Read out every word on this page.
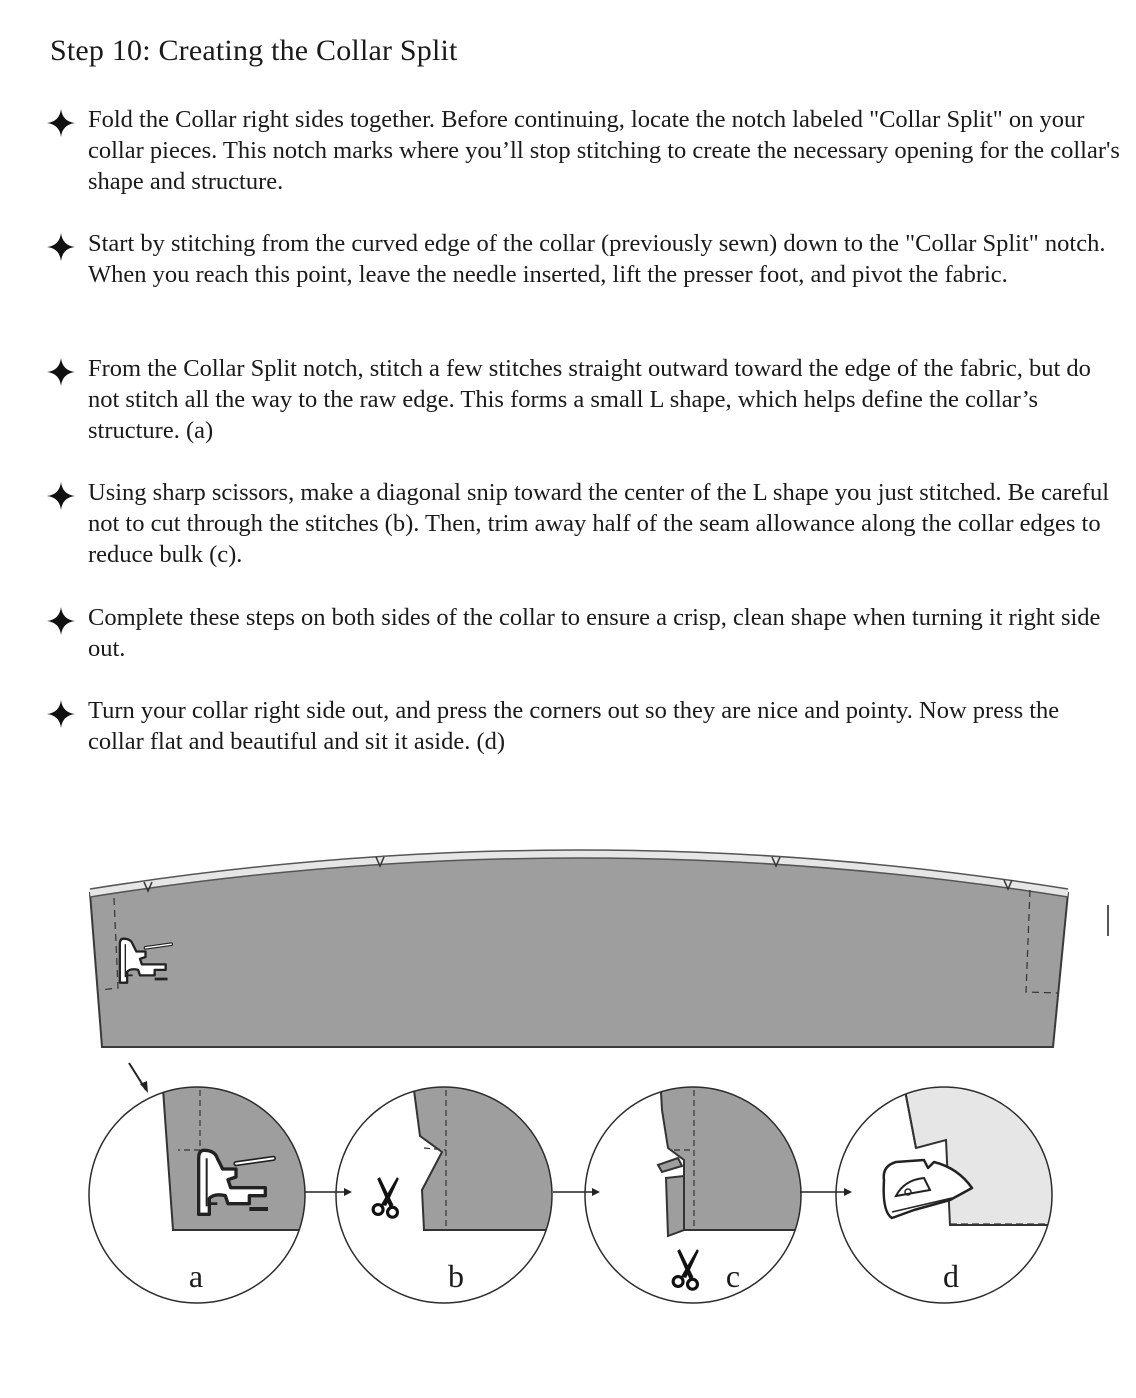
Step 10: Creating the Collar Split
Fold the Collar right sides together. Before continuing, locate the notch labeled "Collar Split" on your collar pieces. This notch marks where you’ll stop stitching to create the necessary opening for the collar's shape and structure.
Start by stitching from the curved edge of the collar (previously sewn) down to the "Collar Split" notch. When you reach this point, leave the needle inserted, lift the presser foot, and pivot the fabric.
From the Collar Split notch, stitch a few stitches straight outward toward the edge of the fabric, but do not stitch all the way to the raw edge. This forms a small L shape, which helps define the collar’s structure. (a)
Using sharp scissors, make a diagonal snip toward the center of the L shape you just stitched. Be careful not to cut through the stitches (b). Then, trim away half of the seam allowance along the collar edges to reduce bulk (c).
Complete these steps on both sides of the collar to ensure a crisp, clean shape when turning it right side out.
Turn your collar right side out, and press the corners out so they are nice and pointy. Now press the collar flat and beautiful and sit it aside. (d)
a	b	c	d
